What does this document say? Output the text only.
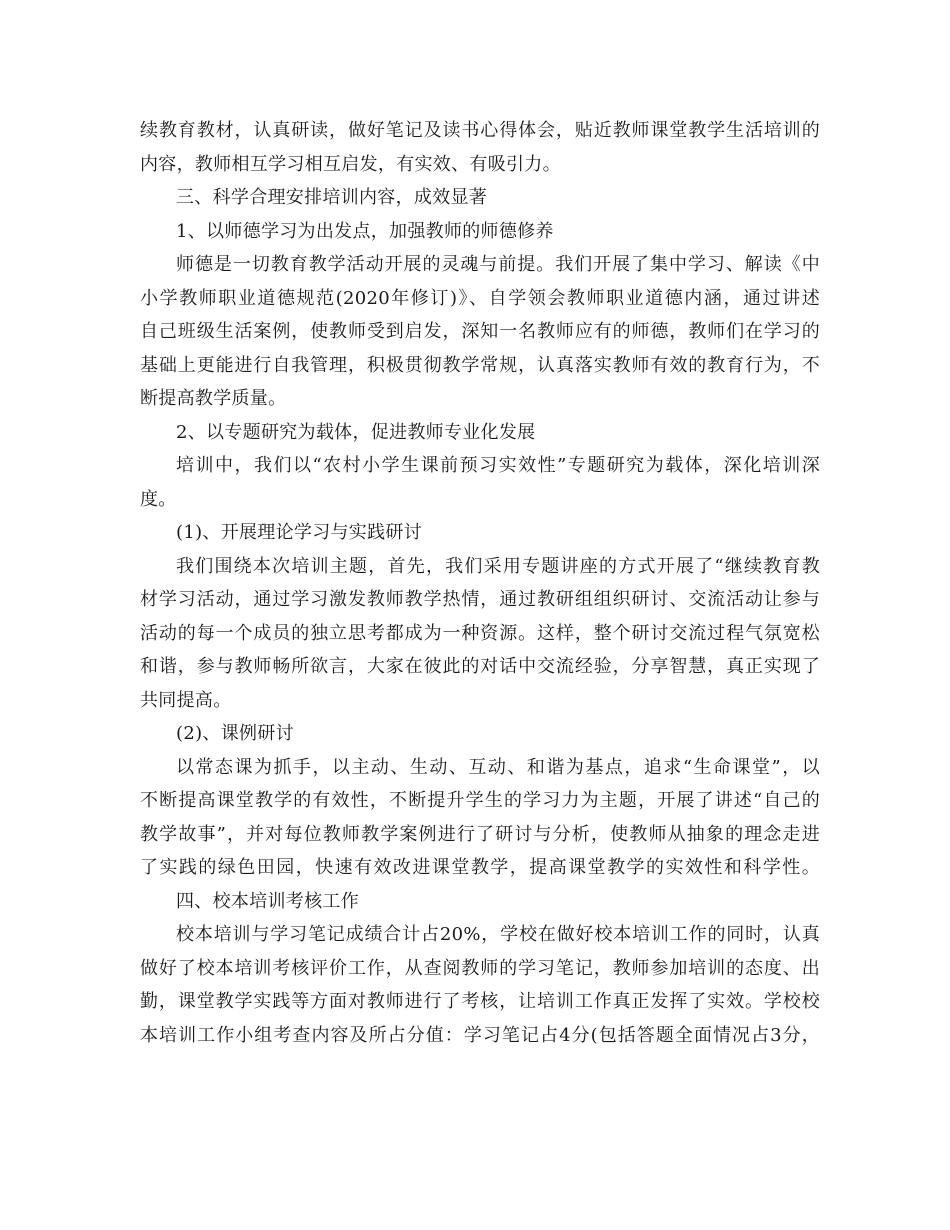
续教育教材，认真研读，做好笔记及读书心得体会，贴近教师课堂教学生活培训的

内容，教师相互学习相互启发，有实效、有吸引力。

三、科学合理安排培训内容，成效显著

1、以师德学习为出发点，加强教师的师德修养

师德是一切教育教学活动开展的灵魂与前提。我们开展了集中学习、解读《中

小学教师职业道德规范(2020年修订)》、自学领会教师职业道德内涵，通过讲述

自己班级生活案例，使教师受到启发，深知一名教师应有的师德，教师们在学习的

基础上更能进行自我管理，积极贯彻教学常规，认真落实教师有效的教育行为，不

断提高教学质量。

2、以专题研究为载体，促进教师专业化发展

培训中，我们以“农村小学生课前预习实效性”专题研究为载体，深化培训深

度。

(1)、开展理论学习与实践研讨

我们围绕本次培训主题，首先，我们采用专题讲座的方式开展了“继续教育教

材学习活动，通过学习激发教师教学热情，通过教研组组织研讨、交流活动让参与

活动的每一个成员的独立思考都成为一种资源。这样，整个研讨交流过程气氛宽松

和谐，参与教师畅所欲言，大家在彼此的对话中交流经验，分享智慧，真正实现了

共同提高。

(2)、课例研讨

以常态课为抓手，以主动、生动、互动、和谐为基点，追求“生命课堂”，以

不断提高课堂教学的有效性，不断提升学生的学习力为主题，开展了讲述“自己的

教学故事”，并对每位教师教学案例进行了研讨与分析，使教师从抽象的理念走进

了实践的绿色田园，快速有效改进课堂教学，提高课堂教学的实效性和科学性。

四、校本培训考核工作

校本培训与学习笔记成绩合计占20%，学校在做好校本培训工作的同时，认真

做好了校本培训考核评价工作，从查阅教师的学习笔记，教师参加培训的态度、出

勤，课堂教学实践等方面对教师进行了考核，让培训工作真正发挥了实效。学校校

本培训工作小组考查内容及所占分值：学习笔记占4分(包括答题全面情况占3分，
